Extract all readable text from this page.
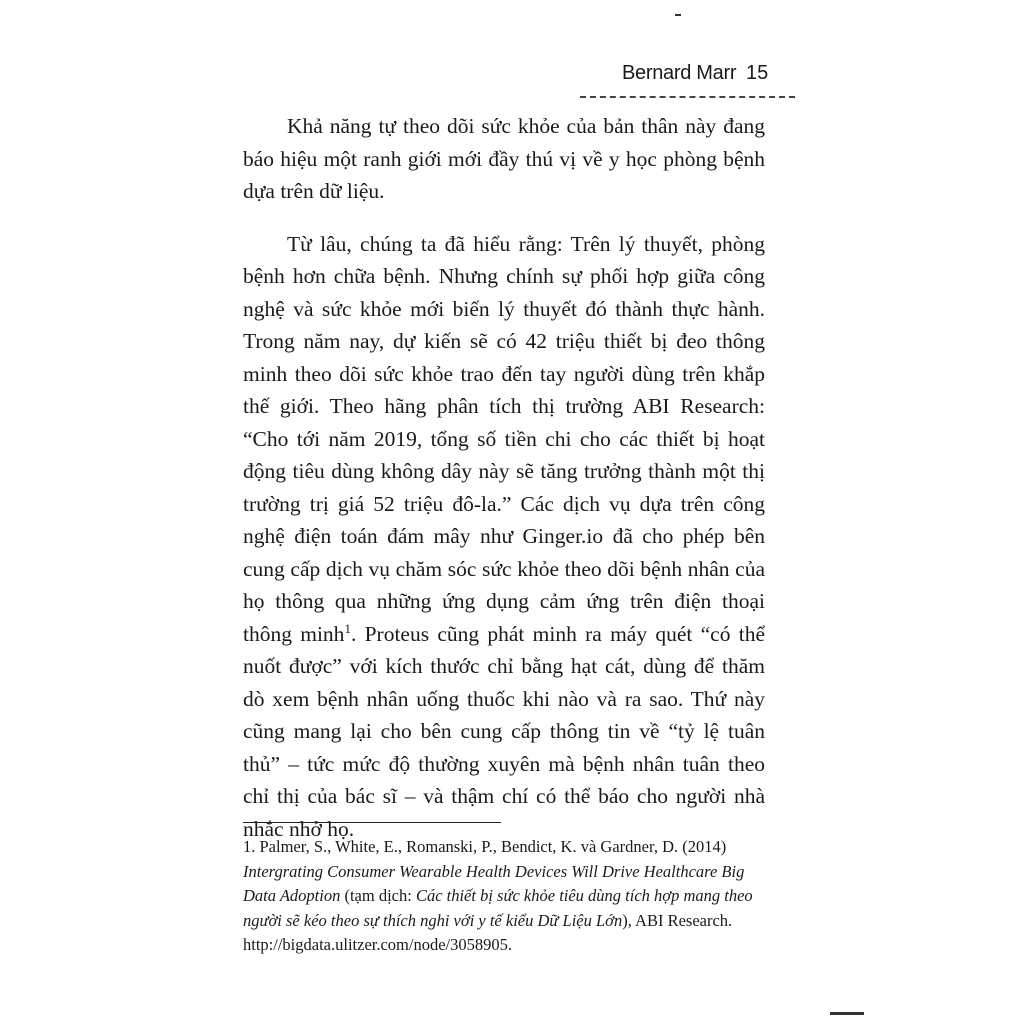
Bernard Marr 15

Khả năng tự theo dõi sức khỏe của bản thân này đang báo hiệu một ranh giới mới đầy thú vị về y học phòng bệnh dựa trên dữ liệu.

Từ lâu, chúng ta đã hiểu rằng: Trên lý thuyết, phòng bệnh hơn chữa bệnh. Nhưng chính sự phối hợp giữa công nghệ và sức khỏe mới biến lý thuyết đó thành thực hành. Trong năm nay, dự kiến sẽ có 42 triệu thiết bị đeo thông minh theo dõi sức khỏe trao đến tay người dùng trên khắp thế giới. Theo hãng phân tích thị trường ABI Research: “Cho tới năm 2019, tổng số tiền chi cho các thiết bị hoạt động tiêu dùng không dây này sẽ tăng trưởng thành một thị trường trị giá 52 triệu đô-la.” Các dịch vụ dựa trên công nghệ điện toán đám mây như Ginger.io đã cho phép bên cung cấp dịch vụ chăm sóc sức khỏe theo dõi bệnh nhân của họ thông qua những ứng dụng cảm ứng trên điện thoại thông minh$^1$. Proteus cũng phát minh ra máy quét “có thể nuốt được” với kích thước chỉ bằng hạt cát, dùng để thăm dò xem bệnh nhân uống thuốc khi nào và ra sao. Thứ này cũng mang lại cho bên cung cấp thông tin về “tỷ lệ tuân thủ” – tức mức độ thường xuyên mà bệnh nhân tuân theo chỉ thị của bác sĩ – và thậm chí có thể báo cho người nhà nhắc nhở họ.

1. Palmer, S., White, E., Romanski, P., Bendict, K. và Gardner, D. (2014) Intergrating Consumer Wearable Health Devices Will Drive Healthcare Big Data Adoption (tạm dịch: Các thiết bị sức khỏe tiêu dùng tích hợp mang theo người sẽ kéo theo sự thích nghi với y tế kiểu Dữ Liệu Lớn), ABI Research. http://bigdata.ulitzer.com/node/3058905.
